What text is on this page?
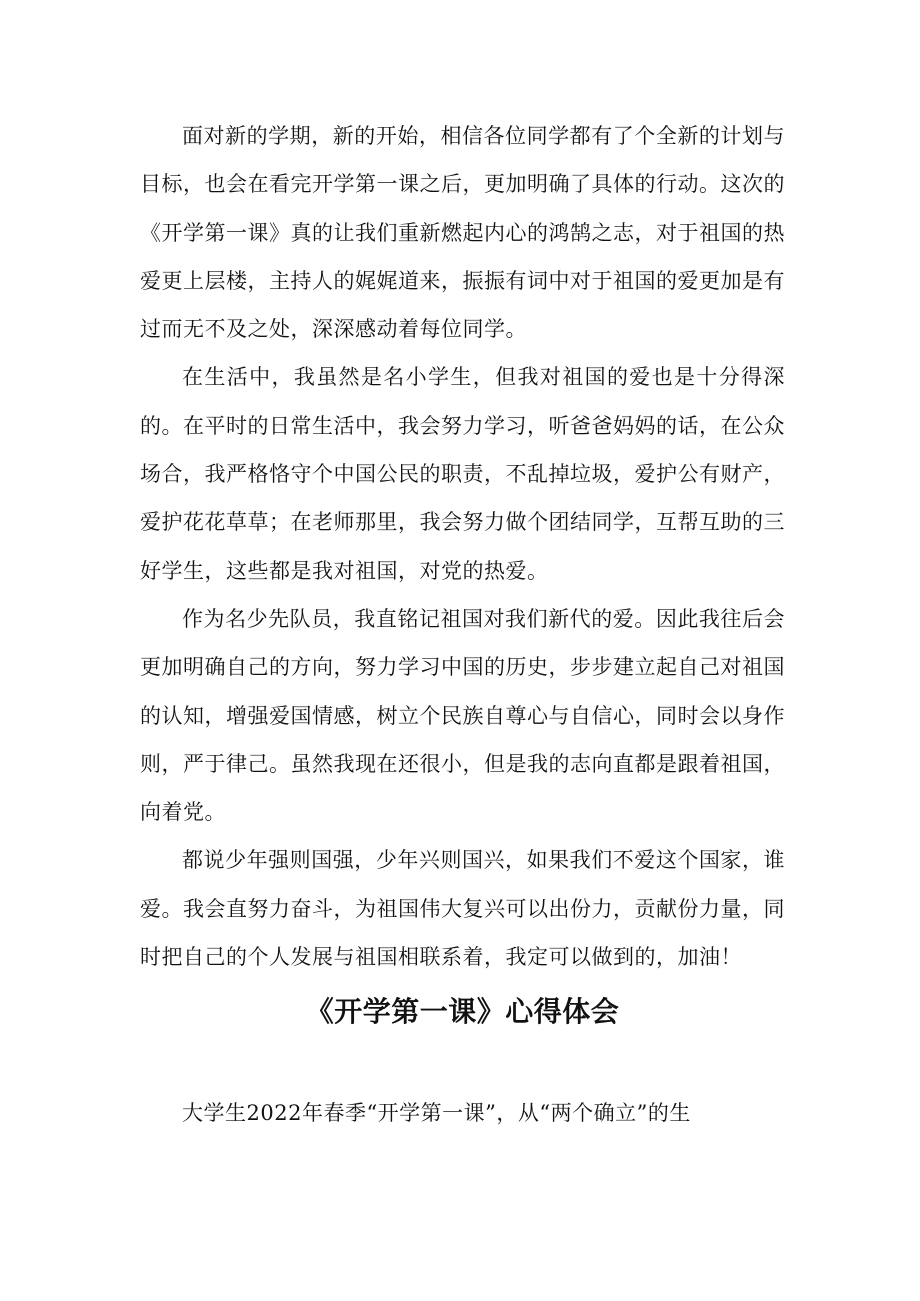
面对新的学期，新的开始，相信各位同学都有了个全新的计划与目标，也会在看完开学第一课之后，更加明确了具体的行动。这次的《开学第一课》真的让我们重新燃起内心的鸿鹄之志，对于祖国的热爱更上层楼，主持人的娓娓道来，振振有词中对于祖国的爱更加是有过而无不及之处，深深感动着每位同学。

在生活中，我虽然是名小学生，但我对祖国的爱也是十分得深的。在平时的日常生活中，我会努力学习，听爸爸妈妈的话，在公众场合，我严格恪守个中国公民的职责，不乱掉垃圾，爱护公有财产，爱护花花草草；在老师那里，我会努力做个团结同学，互帮互助的三好学生，这些都是我对祖国，对党的热爱。

作为名少先队员，我直铭记祖国对我们新代的爱。因此我往后会更加明确自己的方向，努力学习中国的历史，步步建立起自己对祖国的认知，增强爱国情感，树立个民族自尊心与自信心，同时会以身作则，严于律己。虽然我现在还很小，但是我的志向直都是跟着祖国，向着党。

都说少年强则国强，少年兴则国兴，如果我们不爱这个国家，谁爱。我会直努力奋斗，为祖国伟大复兴可以出份力，贡献份力量，同时把自己的个人发展与祖国相联系着，我定可以做到的，加油！

《开学第一课》心得体会

大学生2022年春季“开学第一课”，从“两个确立”的生
